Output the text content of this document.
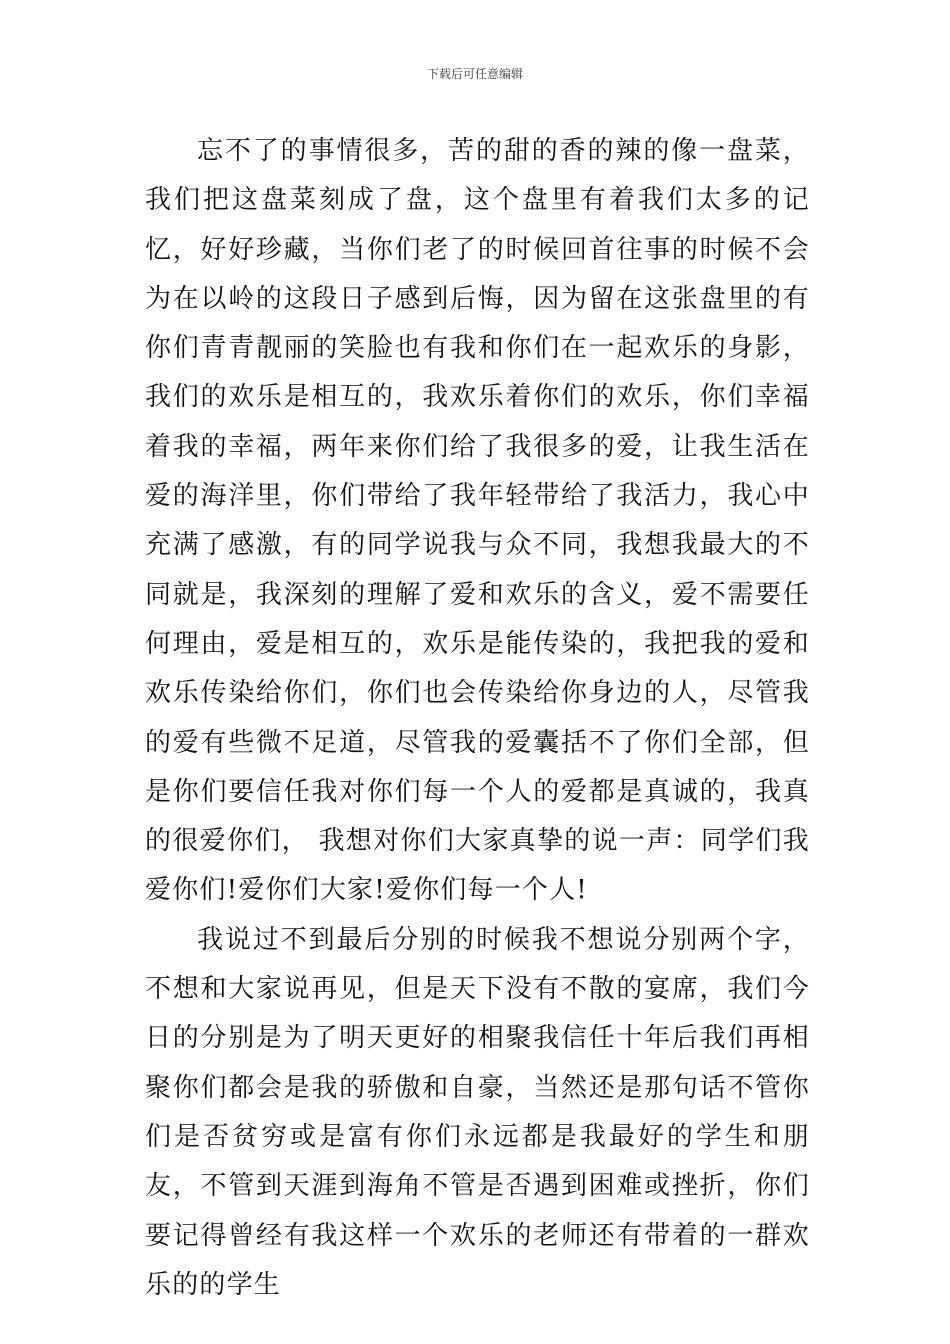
下载后可任意编辑

忘不了的事情很多，苦的甜的香的辣的像一盘菜，我们把这盘菜刻成了盘，这个盘里有着我们太多的记忆，好好珍藏，当你们老了的时候回首往事的时候不会为在以岭的这段日子感到后悔，因为留在这张盘里的有你们青青靓丽的笑脸也有我和你们在一起欢乐的身影，我们的欢乐是相互的，我欢乐着你们的欢乐，你们幸福着我的幸福，两年来你们给了我很多的爱，让我生活在爱的海洋里，你们带给了我年轻带给了我活力，我心中充满了感激，有的同学说我与众不同，我想我最大的不同就是，我深刻的理解了爱和欢乐的含义，爱不需要任何理由，爱是相互的，欢乐是能传染的，我把我的爱和欢乐传染给你们，你们也会传染给你身边的人，尽管我的爱有些微不足道，尽管我的爱囊括不了你们全部，但是你们要信任我对你们每一个人的爱都是真诚的，我真的很爱你们， 我想对你们大家真挚的说一声：同学们我爱你们!爱你们大家!爱你们每一个人!

我说过不到最后分别的时候我不想说分别两个字，不想和大家说再见，但是天下没有不散的宴席，我们今日的分别是为了明天更好的相聚我信任十年后我们再相聚你们都会是我的骄傲和自豪，当然还是那句话不管你们是否贫穷或是富有你们永远都是我最好的学生和朋友，不管到天涯到海角不管是否遇到困难或挫折，你们要记得曾经有我这样一个欢乐的老师还有带着的一群欢乐的的学生
